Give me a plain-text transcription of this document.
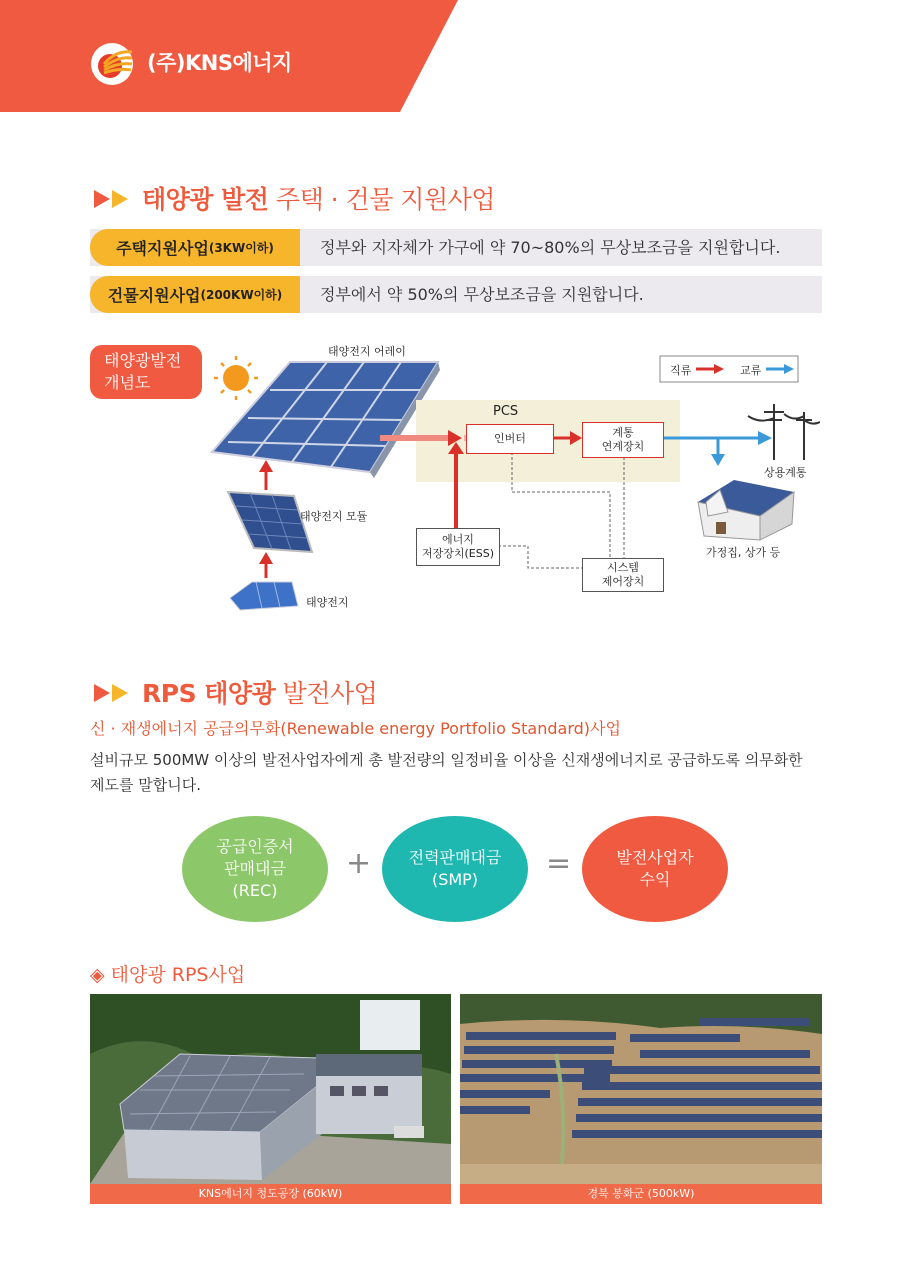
(주)KNS에너지
태양광 발전 주택 · 건물 지원사업
주택지원사업 (3KW이하)	정부와 지자체가 가구에 약 70~80%의 무상보조금을 지원합니다.
건물지원사업 (200KW이하) 정부에서 약 50%의 무상보조금을 지원합니다.
태양광발전
개념도
태양전지 어레이
직류	교류
PCS
인버터	계통
연계장치
상용계통
태양전지 모듈
에너지
저장장치(ESS)	가정집, 상가 등
시스템
제어장치
태양전지
RPS 태양광 발전사업
신 · 재생에너지 공급의무화(Renewable energy Portfolio Standard)사업
설비규모 500MW 이상의 발전사업자에게 총 발전량의 일정비율 이상을 신재생에너지로 공급하도록 의무화한 제도를 말합니다.
공급인증서
판매대금
(REC)
+ 전력판매대금
(SMP) =	발전사업자
수익
◈ 태양광 RPS사업
KNS에너지 청도공장 (60kW)	경북 봉화군 (500kW)
